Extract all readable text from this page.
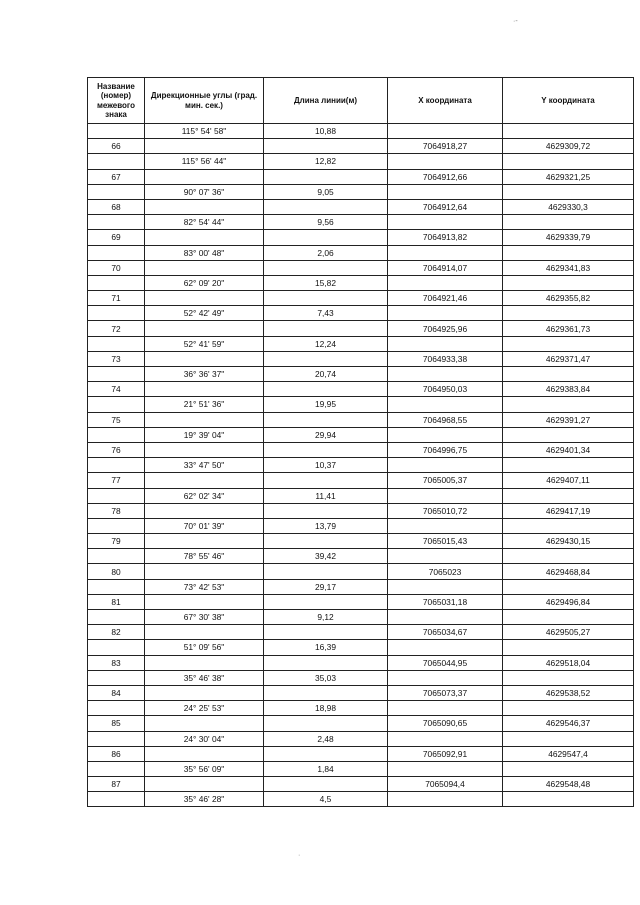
Название (номер) межевого знака	Дирекционные углы (град. мин. сек.)	Длина линии(м)	X координата	Y координата
	115° 54' 58"	10,88		
66			7064918,27	4629309,72
	115° 56' 44"	12,82		
67			7064912,66	4629321,25
	90° 07' 36"	9,05		
68			7064912,64	4629330,3
	82° 54' 44"	9,56		
69			7064913,82	4629339,79
	83° 00' 48"	2,06		
70			7064914,07	4629341,83
	62° 09' 20"	15,82		
71			7064921,46	4629355,82
	52° 42' 49"	7,43		
72			7064925,96	4629361,73
	52° 41' 59"	12,24		
73			7064933,38	4629371,47
	36° 36' 37"	20,74		
74			7064950,03	4629383,84
	21° 51' 36"	19,95		
75			7064968,55	4629391,27
	19° 39' 04"	29,94		
76			7064996,75	4629401,34
	33° 47' 50"	10,37		
77			7065005,37	4629407,11
	62° 02' 34"	11,41		
78			7065010,72	4629417,19
	70° 01' 39"	13,79		
79			7065015,43	4629430,15
	78° 55' 46"	39,42		
80			7065023	4629468,84
	73° 42' 53"	29,17		
81			7065031,18	4629496,84
	67° 30' 38"	9,12		
82			7065034,67	4629505,27
	51° 09' 56"	16,39		
83			7065044,95	4629518,04
	35° 46' 38"	35,03		
84			7065073,37	4629538,52
	24° 25' 53"	18,98		
85			7065090,65	4629546,37
	24° 30' 04"	2,48		
86			7065092,91	4629547,4
	35° 56' 09"	1,84		
87			7065094,4	4629548,48
	35° 46' 28"	4,5		
·-
·
